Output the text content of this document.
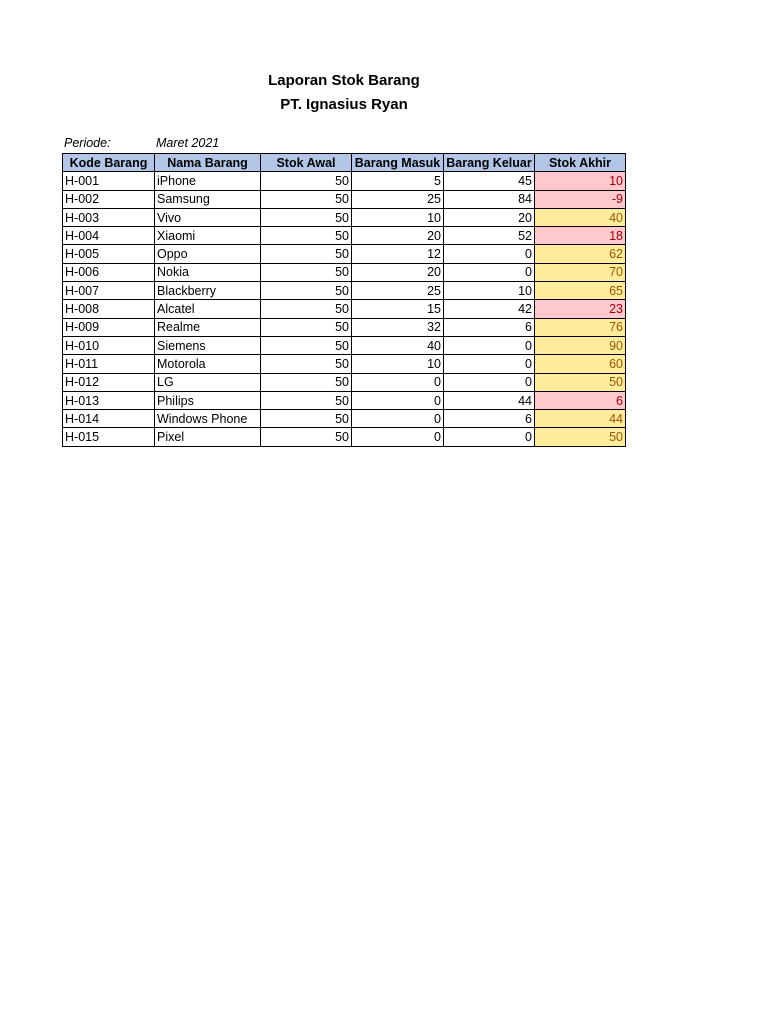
Laporan Stok Barang
PT. Ignasius Ryan
Periode:	Maret 2021
Kode Barang	Nama Barang	Stok Awal	Barang Masuk	Barang Keluar	Stok Akhir
H-001	iPhone	50	5	45	10
H-002	Samsung	50	25	84	-9
H-003	Vivo	50	10	20	40
H-004	Xiaomi	50	20	52	18
H-005	Oppo	50	12	0	62
H-006	Nokia	50	20	0	70
H-007	Blackberry	50	25	10	65
H-008	Alcatel	50	15	42	23
H-009	Realme	50	32	6	76
H-010	Siemens	50	40	0	90
H-011	Motorola	50	10	0	60
H-012	LG	50	0	0	50
H-013	Philips	50	0	44	6
H-014	Windows Phone	50	0	6	44
H-015	Pixel	50	0	0	50
